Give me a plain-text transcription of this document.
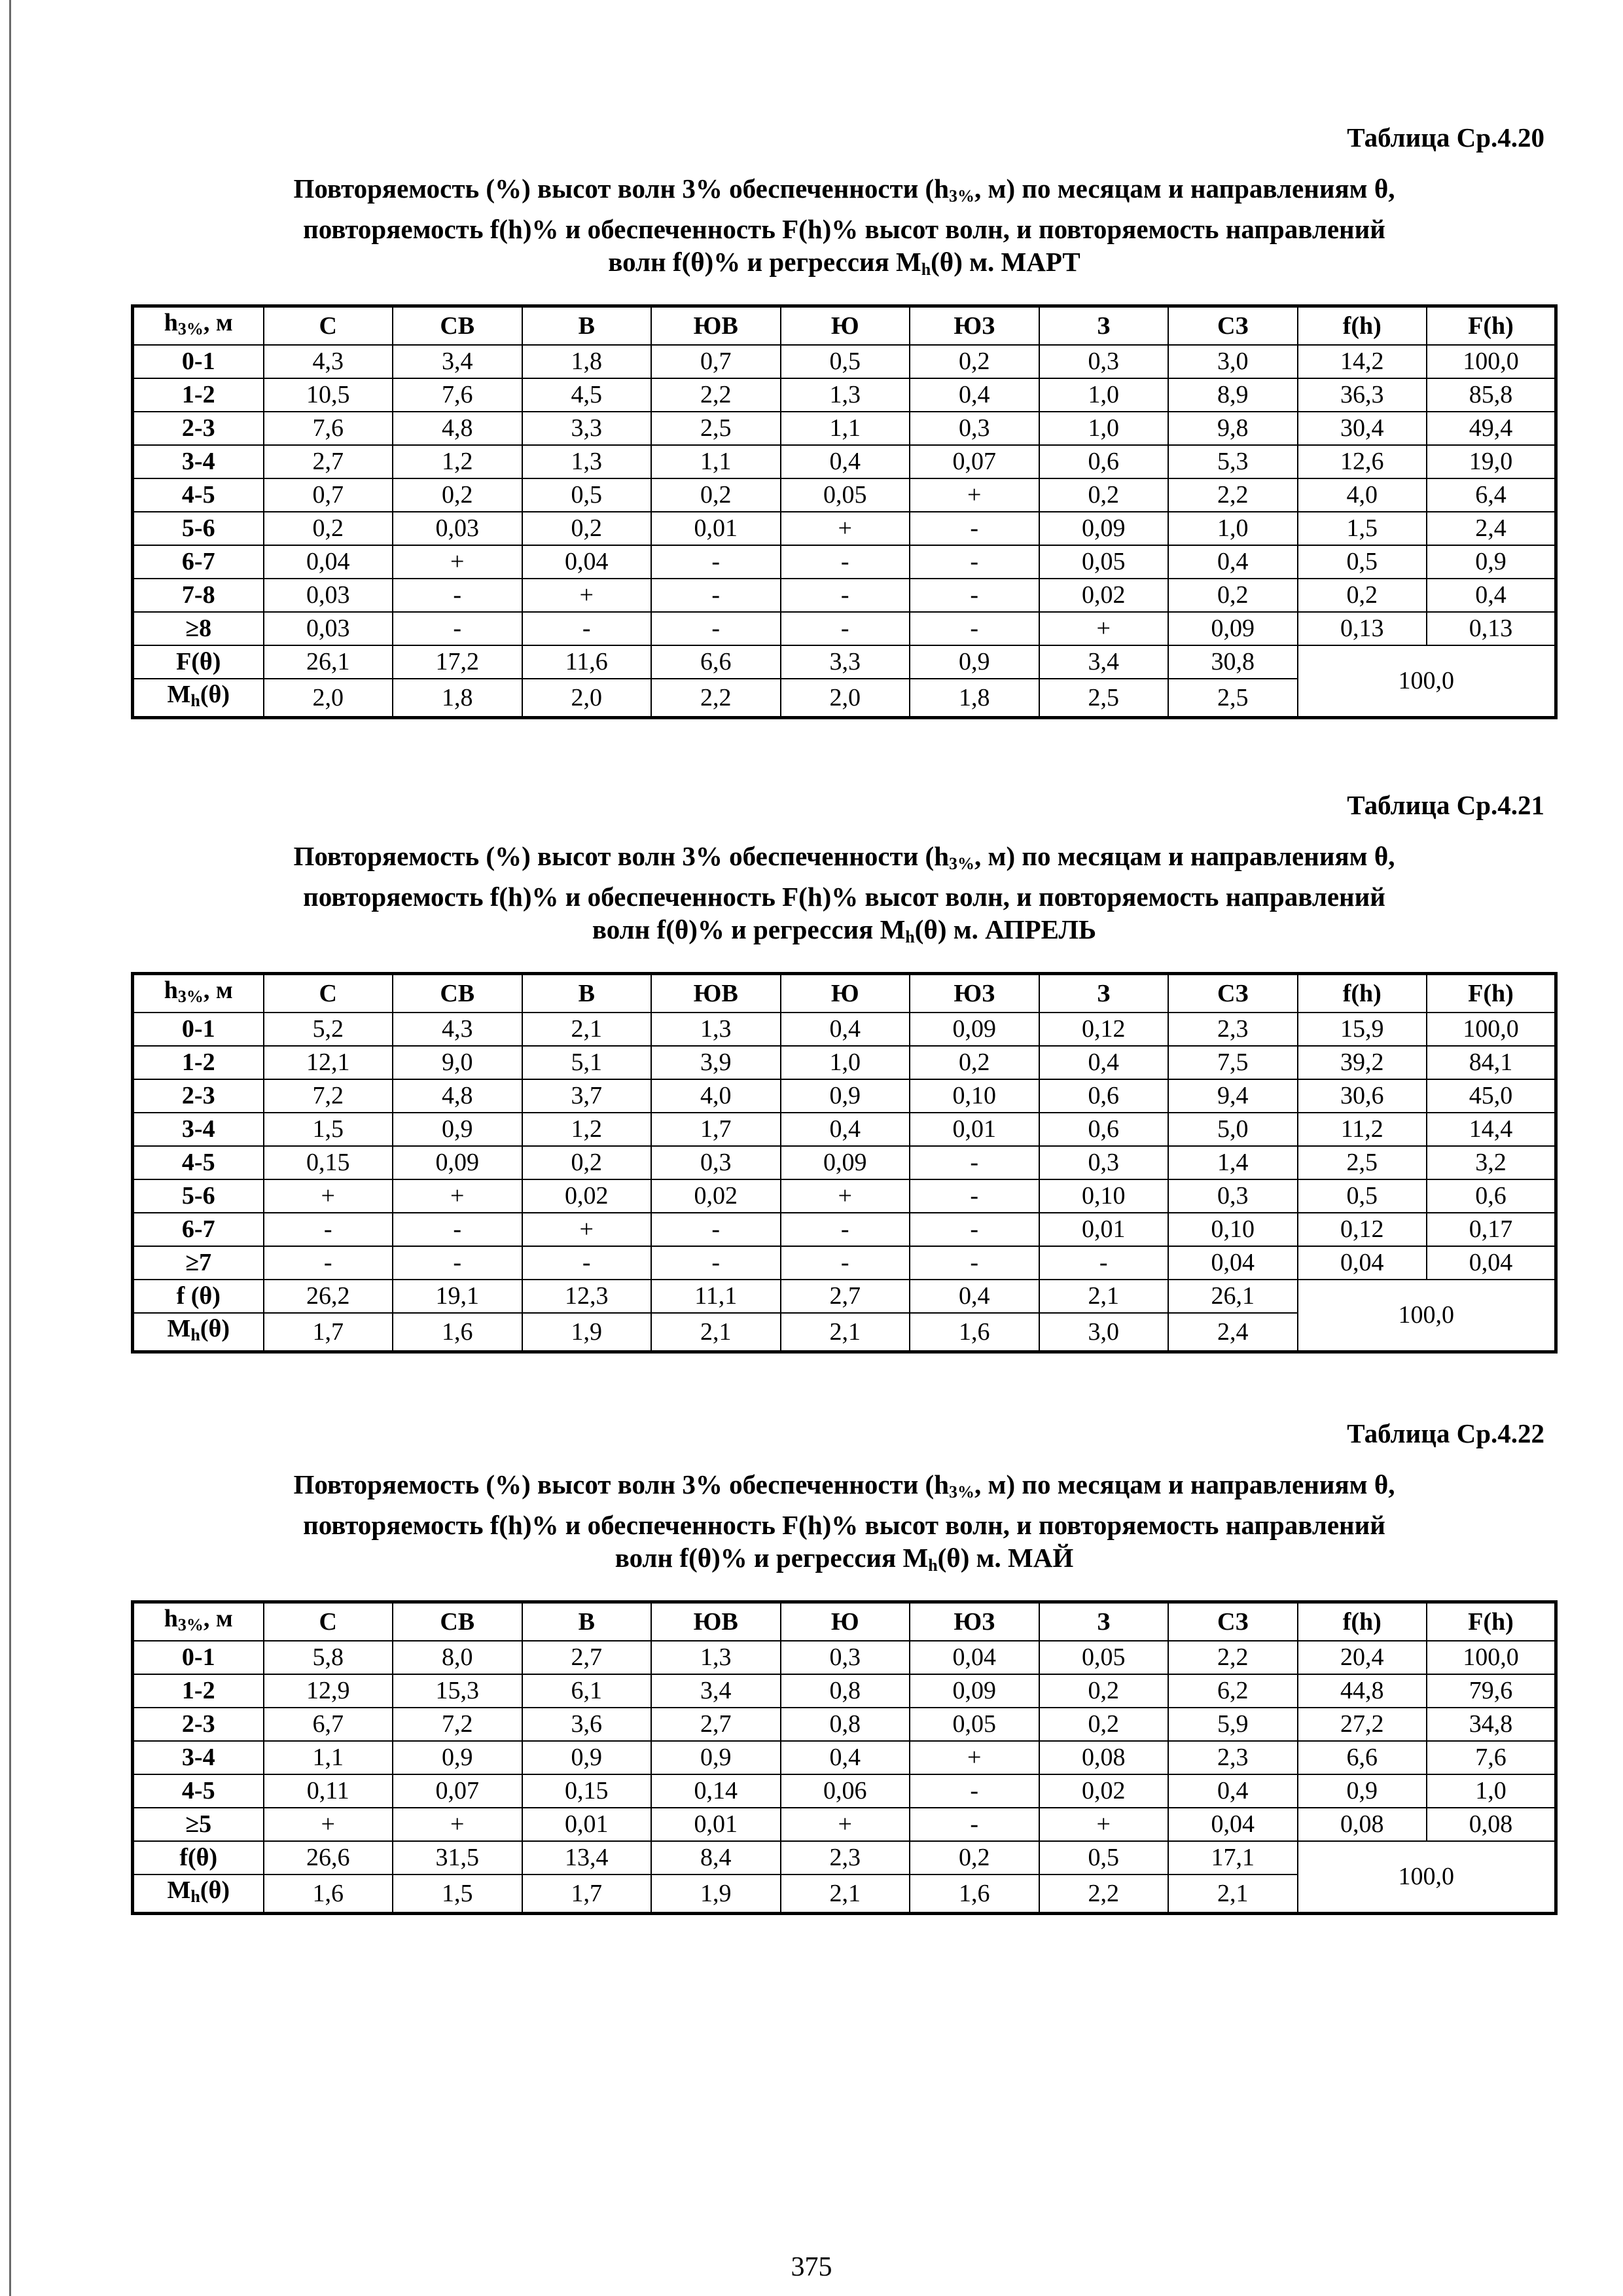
Таблица Ср.4.20
Повторяемость (%) высот волн 3% обеспеченности ($h_{3\%}$, м) по месяцам и направлениям θ,
повторяемость f(h)% и обеспеченность F(h)% высот волн, и повторяемость направлений
волн f(θ)% и регрессия $M_h(\theta)$ м. МАРТ
$h_{3\%}$, м	С	СВ	В	ЮВ	Ю	ЮЗ	З	СЗ	f(h)	F(h)
0-1	4,3	3,4	1,8	0,7	0,5	0,2	0,3	3,0	14,2	100,0
1-2	10,5	7,6	4,5	2,2	1,3	0,4	1,0	8,9	36,3	85,8
2-3	7,6	4,8	3,3	2,5	1,1	0,3	1,0	9,8	30,4	49,4
3-4	2,7	1,2	1,3	1,1	0,4	0,07	0,6	5,3	12,6	19,0
4-5	0,7	0,2	0,5	0,2	0,05	+	0,2	2,2	4,0	6,4
5-6	0,2	0,03	0,2	0,01	+	-	0,09	1,0	1,5	2,4
6-7	0,04	+	0,04	-	-	-	0,05	0,4	0,5	0,9
7-8	0,03	-	+	-	-	-	0,02	0,2	0,2	0,4
≥8	0,03	-	-	-	-	-	+	0,09	0,13	0,13
F(θ)	26,1	17,2	11,6	6,6	3,3	0,9	3,4	30,8	100,0	
$M_h(\theta)$	2,0	1,8	2,0	2,2	2,0	1,8	2,5	2,5		
Таблица Ср.4.21
Повторяемость (%) высот волн 3% обеспеченности ($h_{3\%}$, м) по месяцам и направлениям θ,
повторяемость f(h)% и обеспеченность F(h)% высот волн, и повторяемость направлений
волн f(θ)% и регрессия $M_h(\theta)$ м. АПРЕЛЬ
$h_{3\%}$, м	С	СВ	В	ЮВ	Ю	ЮЗ	З	СЗ	f(h)	F(h)
0-1	5,2	4,3	2,1	1,3	0,4	0,09	0,12	2,3	15,9	100,0
1-2	12,1	9,0	5,1	3,9	1,0	0,2	0,4	7,5	39,2	84,1
2-3	7,2	4,8	3,7	4,0	0,9	0,10	0,6	9,4	30,6	45,0
3-4	1,5	0,9	1,2	1,7	0,4	0,01	0,6	5,0	11,2	14,4
4-5	0,15	0,09	0,2	0,3	0,09	-	0,3	1,4	2,5	3,2
5-6	+	+	0,02	0,02	+	-	0,10	0,3	0,5	0,6
6-7	-	-	+	-	-	-	0,01	0,10	0,12	0,17
≥7	-	-	-	-	-	-	-	0,04	0,04	0,04
f (θ)	26,2	19,1	12,3	11,1	2,7	0,4	2,1	26,1	100,0	
$M_h(\theta)$	1,7	1,6	1,9	2,1	2,1	1,6	3,0	2,4		
Таблица Ср.4.22
Повторяемость (%) высот волн 3% обеспеченности ($h_{3\%}$, м) по месяцам и направлениям θ,
повторяемость f(h)% и обеспеченность F(h)% высот волн, и повторяемость направлений
волн f(θ)% и регрессия $M_h(\theta)$ м. МАЙ
$h_{3\%}$, м	С	СВ	В	ЮВ	Ю	ЮЗ	З	СЗ	f(h)	F(h)
0-1	5,8	8,0	2,7	1,3	0,3	0,04	0,05	2,2	20,4	100,0
1-2	12,9	15,3	6,1	3,4	0,8	0,09	0,2	6,2	44,8	79,6
2-3	6,7	7,2	3,6	2,7	0,8	0,05	0,2	5,9	27,2	34,8
3-4	1,1	0,9	0,9	0,9	0,4	+	0,08	2,3	6,6	7,6
4-5	0,11	0,07	0,15	0,14	0,06	-	0,02	0,4	0,9	1,0
≥5	+	+	0,01	0,01	+	-	+	0,04	0,08	0,08
f(θ)	26,6	31,5	13,4	8,4	2,3	0,2	0,5	17,1	100,0	
$M_h(\theta)$	1,6	1,5	1,7	1,9	2,1	1,6	2,2	2,1		
375
